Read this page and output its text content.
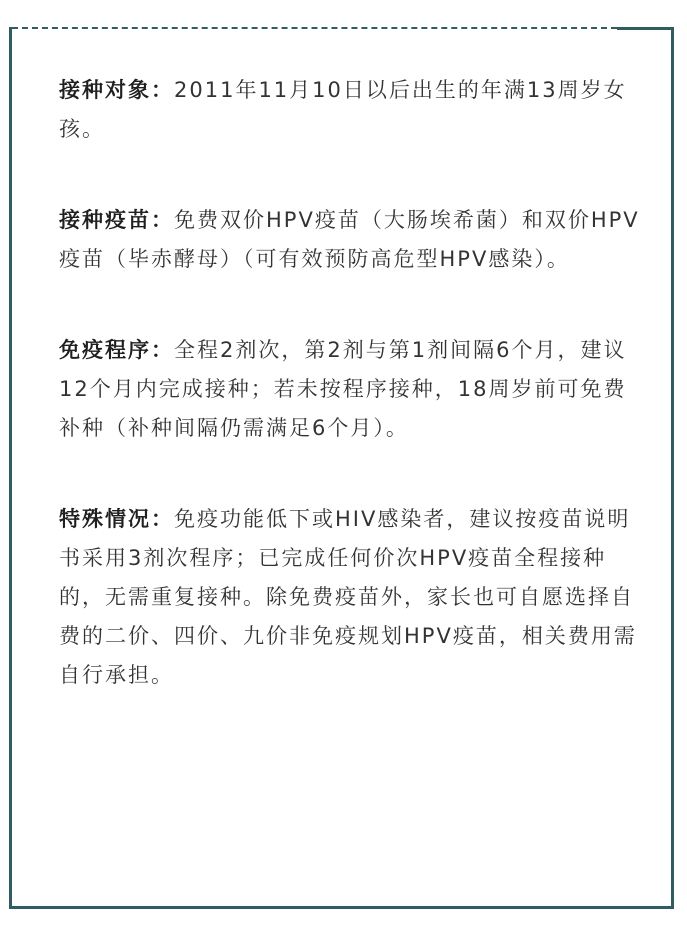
接种对象：2011年11月10日以后出生的年满13周岁女孩。

接种疫苗：免费双价HPV疫苗（大肠埃希菌）和双价HPV疫苗（毕赤酵母）（可有效预防高危型HPV感染）。

免疫程序：全程2剂次，第2剂与第1剂间隔6个月，建议12个月内完成接种；若未按程序接种，18周岁前可免费补种（补种间隔仍需满足6个月）。

特殊情况：免疫功能低下或HIV感染者，建议按疫苗说明书采用3剂次程序；已完成任何价次HPV疫苗全程接种的，无需重复接种。除免费疫苗外，家长也可自愿选择自费的二价、四价、九价非免疫规划HPV疫苗，相关费用需自行承担。
